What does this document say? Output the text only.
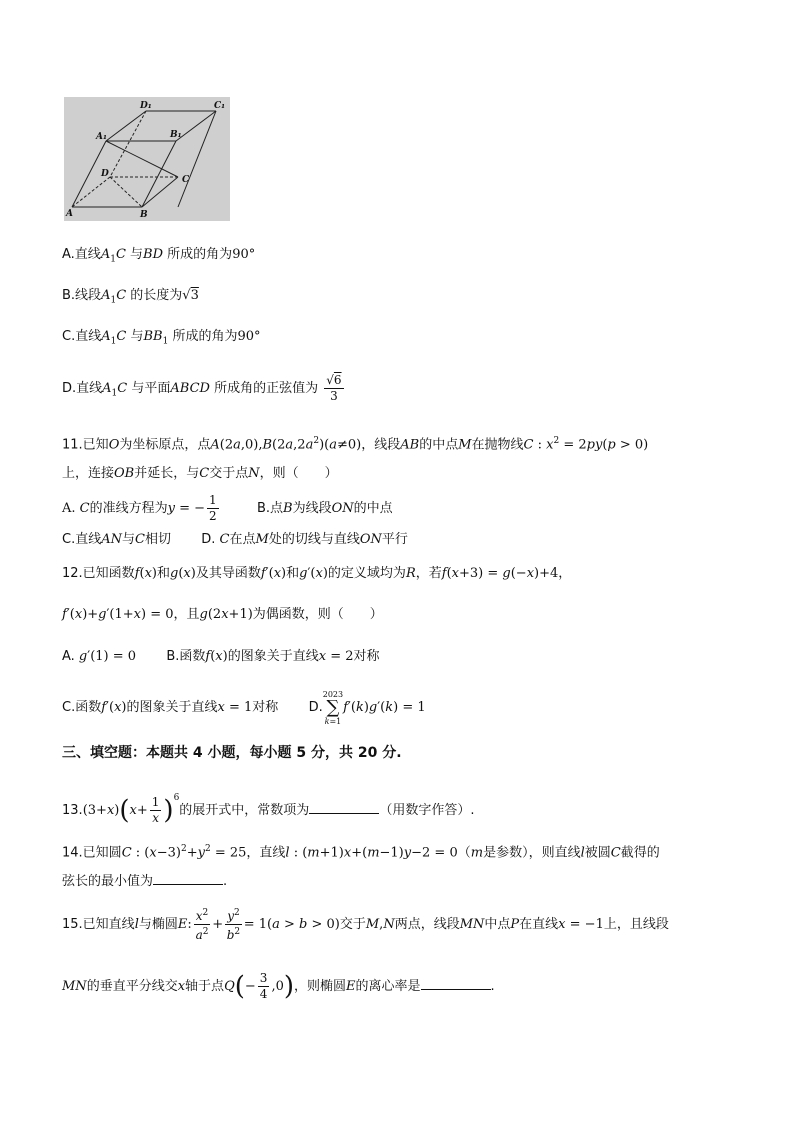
D₁	C₁
A₁	B₁
D
C
A	B
A.直线$A_1C$ 与BD 所成的角为90°
B.线段$A_1C$ 的长度为√3
C.直线$A_1C$ 与$BB_1$ 所成的角为90°
D.直线$A_1C$ 与平面ABCD 所成角的正弦值为 $\frac{√6}{3}$
11.已知O为坐标原点，点$A(2a,0),B(2a,2a^2)(a\ne 0)$，线段AB的中点M在抛物线C : $x^2 = 2py(p > 0)$
上，连接OB并延长，与C交于点N，则（　　）
A. C的准线方程为y = − $\frac{1}{2}$	B.点B为线段ON的中点
C.直线AN与C相切 D. C在点M处的切线与直线ON平行
12.已知函数f(x)和g(x)及其导函数f′(x)和g′(x)的定义域均为R，若f(x+3) = g(−x)+4，
f′(x)+g′(1+x) = 0，且g(2x+1)为偶函数，则（　　）
A. g′(1) = 0 B.函数f(x)的图象关于直线x = 2对称
C.函数f′(x)的图象关于直线x = 1对称 D.
2023
∑
k=1
f′(k)g′(k) = 1
三、填空题：本题共 4 小题，每小题 5 分，共 20 分.
$13.(3+x)(x+ \frac{1}{x} )^6$的展开式中，常数项为	（用数字作答）.
14.已知圆C : $(x-3)^2+y^2 = 25$，直线l : (m+1)x+(m−1)y−2 = 0（m是参数），则直线l被圆C截得的
弦长的最小值为	.
15.已知直线l与椭圆E: $\frac{x^2}{a^2} + \frac{y^2}{b^2} = 1(a > b > 0)$交于M,N两点，线段MN中点P在直线x = −1上，且线段
MN的垂直平分线交x轴于点$Q(- \frac{3}{4} ,0)$，则椭圆E的离心率是	.
